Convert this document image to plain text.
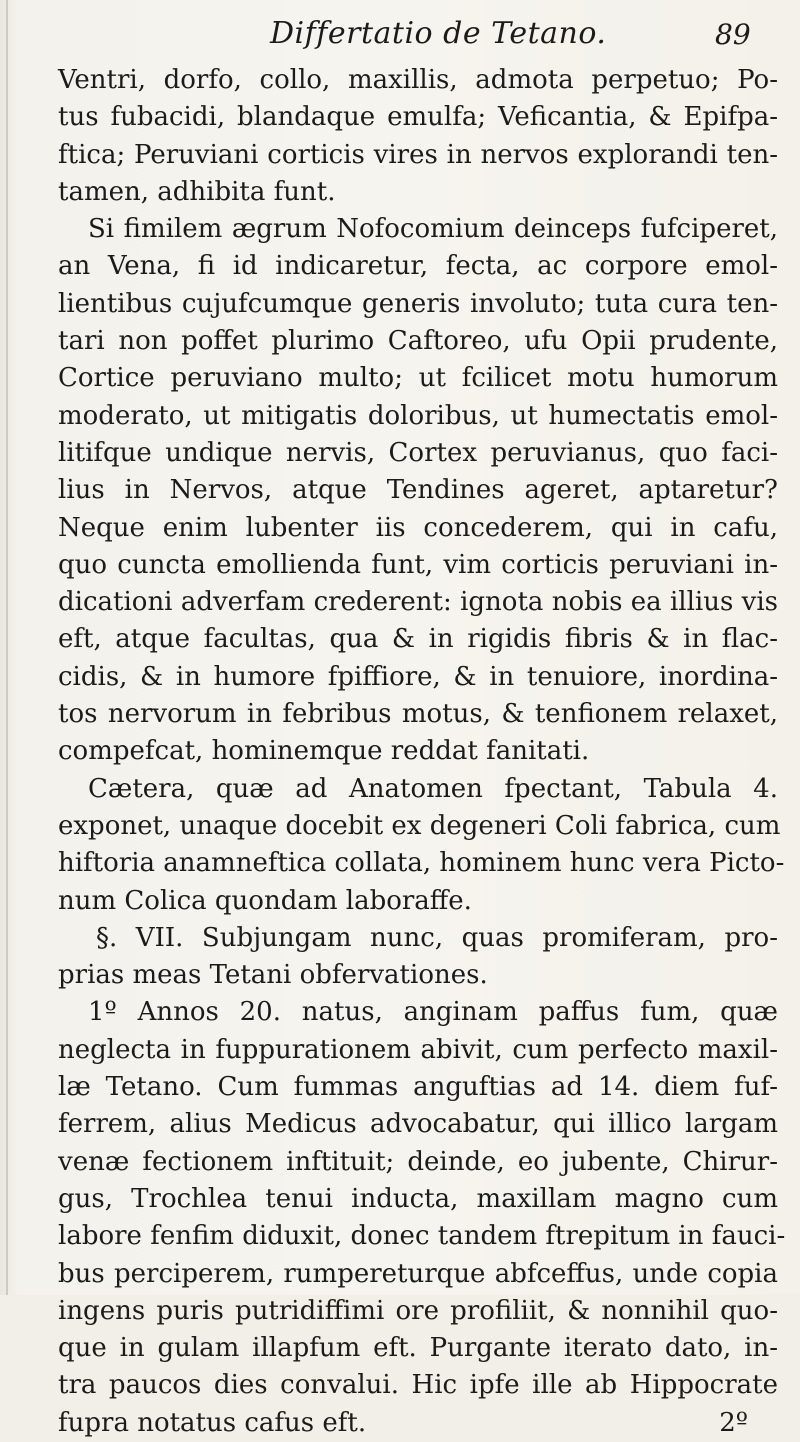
Differtatio de Tetano.	89
Ventri, dorfo, collo, maxillis, admota perpetuo; Po-
tus fubacidi, blandaque emulfa; Veficantia, & Epifpa-
ftica; Peruviani corticis vires in nervos explorandi ten-
tamen, adhibita funt.
Si fimilem ægrum Nofocomium deinceps fufciperet,
an Vena, fi id indicaretur, fecta, ac corpore emol-
lientibus cujufcumque generis involuto; tuta cura ten-
tari non poffet plurimo Caftoreo, ufu Opii prudente,
Cortice peruviano multo; ut fcilicet motu humorum
moderato, ut mitigatis doloribus, ut humectatis emol-
litifque undique nervis, Cortex peruvianus, quo faci-
lius in Nervos, atque Tendines ageret, aptaretur?
Neque enim lubenter iis concederem, qui in cafu,
quo cuncta emollienda funt, vim corticis peruviani in-
dicationi adverfam crederent: ignota nobis ea illius vis
eft, atque facultas, qua & in rigidis fibris & in flac-
cidis, & in humore fpiffiore, & in tenuiore, inordina-
tos nervorum in febribus motus, & tenfionem relaxet,
compefcat, hominemque reddat fanitati.
Cætera, quæ ad Anatomen fpectant, Tabula 4.
exponet, unaque docebit ex degeneri Coli fabrica, cum
hiftoria anamneftica collata, hominem hunc vera Picto-
num Colica quondam laboraffe.
§. VII. Subjungam nunc, quas promiferam, pro-
prias meas Tetani obfervationes.
1º Annos 20. natus, anginam paffus fum, quæ
neglecta in fuppurationem abivit, cum perfecto maxil-
læ Tetano. Cum fummas anguftias ad 14. diem fuf-
ferrem, alius Medicus advocabatur, qui illico largam
venæ fectionem inftituit; deinde, eo jubente, Chirur-
gus, Trochlea tenui inducta, maxillam magno cum
labore fenfim diduxit, donec tandem ftrepitum in fauci-
bus perciperem, rumpereturque abfceffus, unde copia
ingens puris putridiffimi ore profiliit, & nonnihil quo-
que in gulam illapfum eft. Purgante iterato dato, in-
tra paucos dies convalui. Hic ipfe ille ab Hippocrate
fupra notatus cafus eft.	2º
